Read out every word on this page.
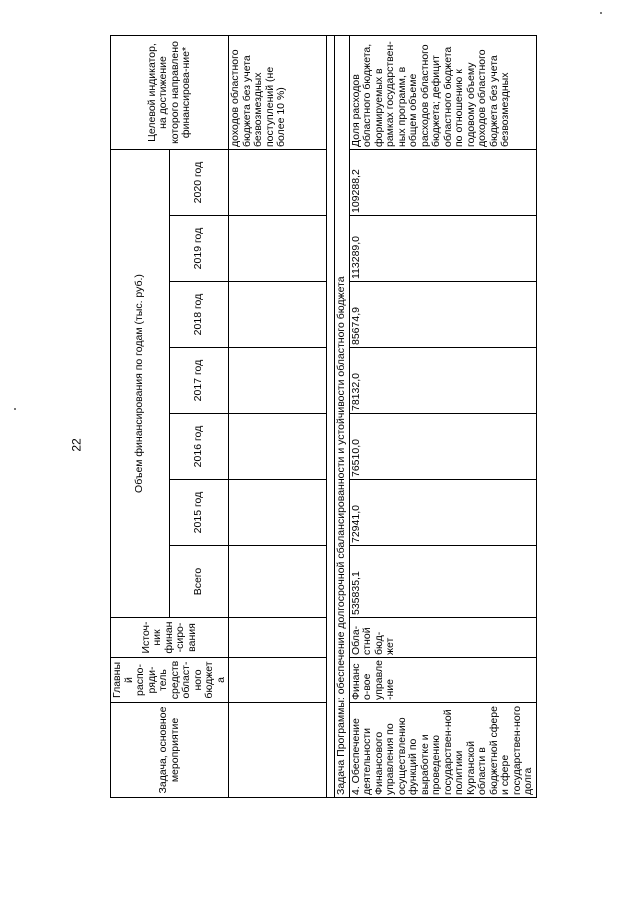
22
Задача, основное мероприятие	Главный распо-ряди-тель средств област-ного бюджета	Источ-ник финан-сиро-вания	Объем финансирования по годам (тыс. руб.)							Целевой индикатор, на достижение которого направлено финансирова-ние*
			Всего	2015 год	2016 год	2017 год	2018 год	2019 год	2020 год	
										доходов областного бюджета без учета безвозмездных поступлений (не более 10 %)

Задача Программы: обеспечение долгосрочной сбалансированности и устойчивости областного бюджета										
4. Обеспечение деятельности Финансового управления по осуществлению функций по выработке и проведению государствен-ной политики Курганской области в бюджетной сфере и сфере государствен-ного долга	Финансо-вое управле-ние	Обла-стной бюд-жет	535835,1	72941,0	76510,0	78132,0	85674,9	113289,0	109288,2	Доля расходов областного бюджета, формируемых в рамках государствен-ных программ, в общем объеме расходов областного бюджета; дефицит областного бюджета по отношению к годовому объему доходов областного бюджета без учета безвозмездных
